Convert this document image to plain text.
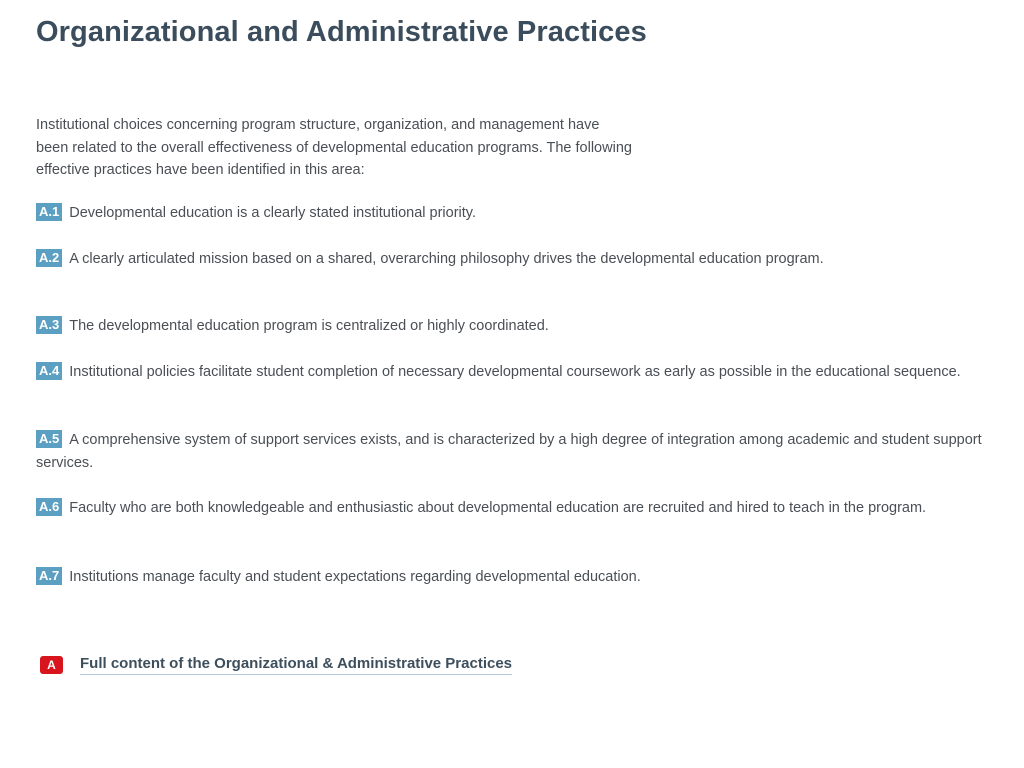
Organizational and Administrative Practices
Institutional choices concerning program structure, organization, and management have
been related to the overall effectiveness of developmental education programs. The following
effective practices have been identified in this area:
A.1 Developmental education is a clearly stated institutional priority.
A.2 A clearly articulated mission based on a shared, overarching philosophy drives the developmental education program.
A.3 The developmental education program is centralized or highly coordinated.
A.4 Institutional policies facilitate student completion of necessary developmental coursework as early as possible in the educational sequence.
A.5 A comprehensive system of support services exists, and is characterized by a high degree of integration among academic and student support services.
A.6 Faculty who are both knowledgeable and enthusiastic about developmental education are recruited and hired to teach in the program.
A.7 Institutions manage faculty and student expectations regarding developmental education.
A	Full content of the Organizational & Administrative Practices
